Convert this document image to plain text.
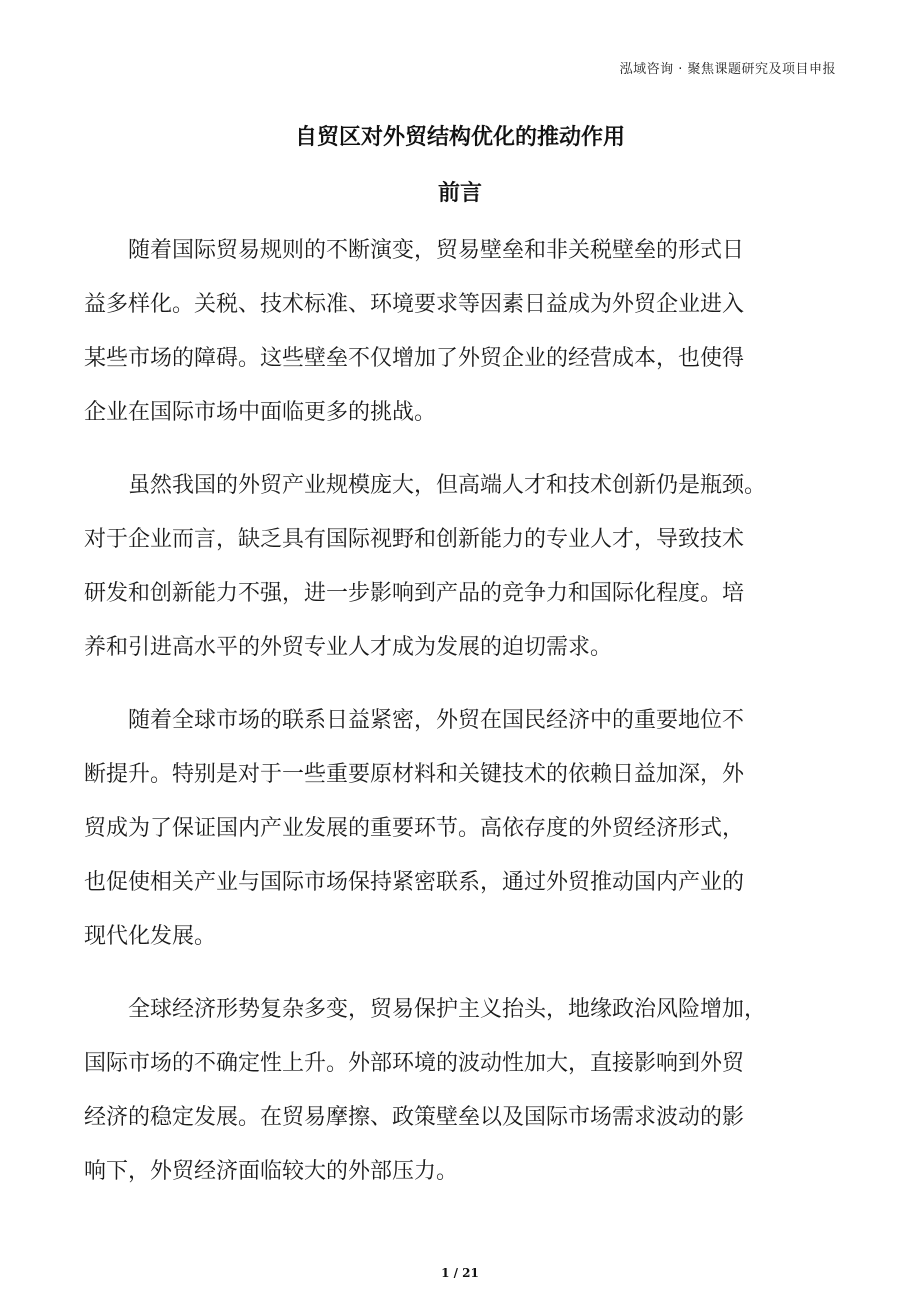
泓域咨询 · 聚焦课题研究及项目申报
自贸区对外贸结构优化的推动作用
前言
随着国际贸易规则的不断演变，贸易壁垒和非关税壁垒的形式日
益多样化。关税、技术标准、环境要求等因素日益成为外贸企业进入
某些市场的障碍。这些壁垒不仅增加了外贸企业的经营成本，也使得
企业在国际市场中面临更多的挑战。
虽然我国的外贸产业规模庞大，但高端人才和技术创新仍是瓶颈。
对于企业而言，缺乏具有国际视野和创新能力的专业人才，导致技术
研发和创新能力不强，进一步影响到产品的竞争力和国际化程度。培
养和引进高水平的外贸专业人才成为发展的迫切需求。
随着全球市场的联系日益紧密，外贸在国民经济中的重要地位不
断提升。特别是对于一些重要原材料和关键技术的依赖日益加深，外
贸成为了保证国内产业发展的重要环节。高依存度的外贸经济形式，
也促使相关产业与国际市场保持紧密联系，通过外贸推动国内产业的
现代化发展。
全球经济形势复杂多变，贸易保护主义抬头，地缘政治风险增加，
国际市场的不确定性上升。外部环境的波动性加大，直接影响到外贸
经济的稳定发展。在贸易摩擦、政策壁垒以及国际市场需求波动的影
响下，外贸经济面临较大的外部压力。
1 / 21
